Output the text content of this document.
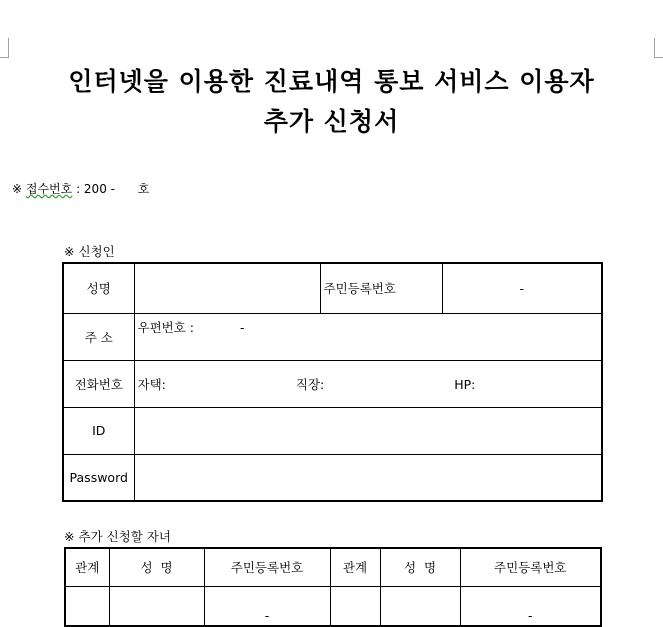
인터넷을 이용한 진료내역 통보 서비스 이용자
추가 신청서
※ 접수번호 : 200 -      호
※ 신청인
성명		주민등록번호	-
주 소	우편번호 : -		
전화번호	자택: 직장: HP:		
ID			
Password			
※ 추가 신청할 자녀
관계	성  명	주민등록번호	관계	성  명	주민등록번호
		-			-
